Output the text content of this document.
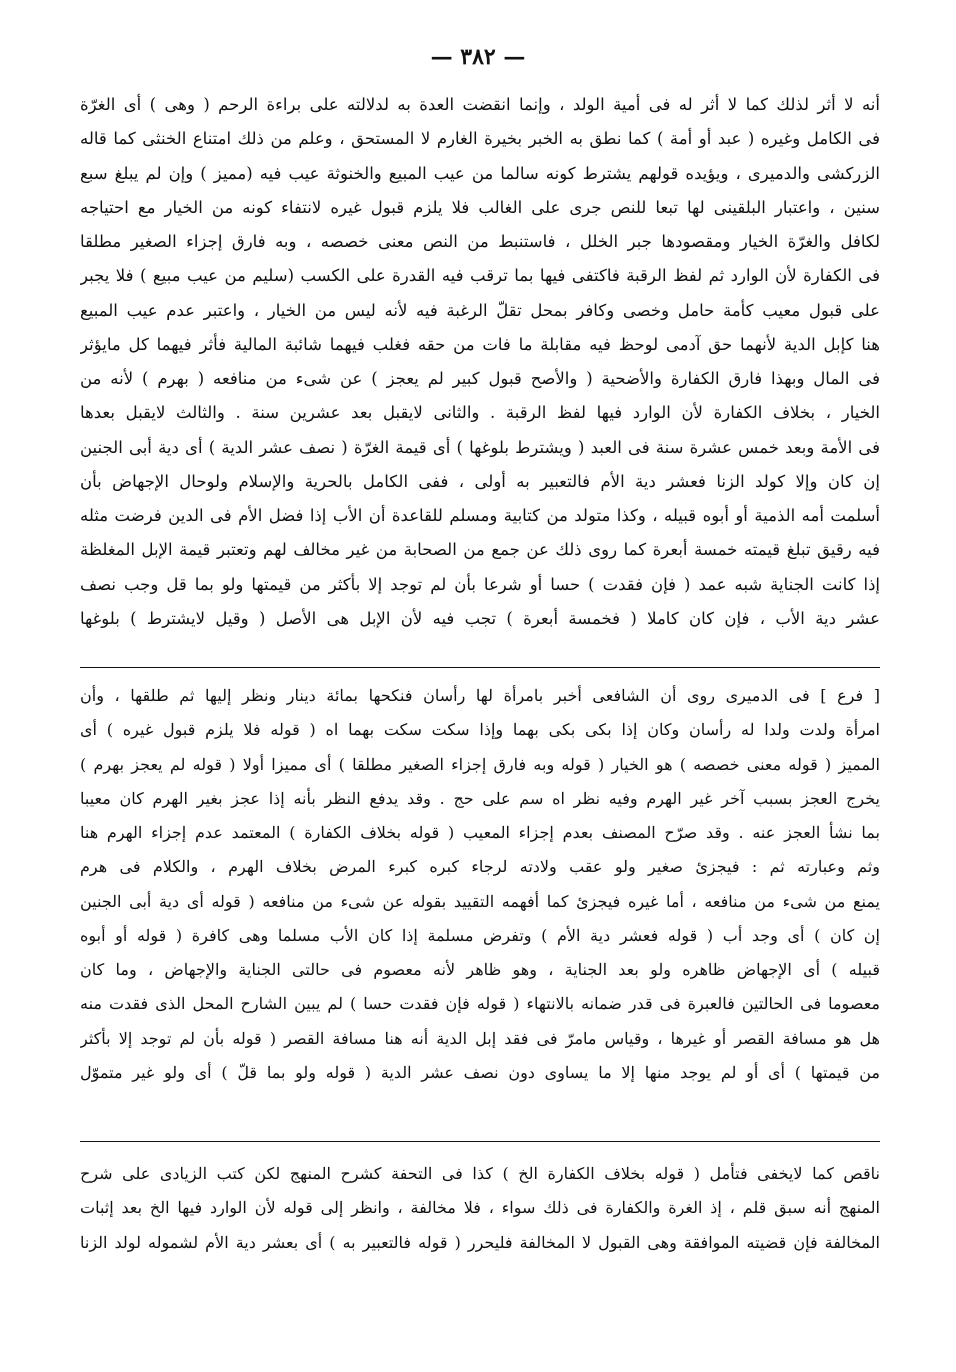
— ٣٨٢ —
أنه لا أثر لذلك كما لا أثر له فى أمية الولد ، وإنما انقضت العدة به لدلالته على براءة الرحم ( وهى ) أى الغرّة
فى الكامل وغيره ( عبد أو أمة ) كما نطق به الخبر بخيرة الغارم لا المستحق ، وعلم من ذلك امتناع الخنثى كما قاله
الزركشى والدميرى ، ويؤيده قولهم يشترط كونه سالما من عيب المبيع والخنوثة عيب فيه (مميز ) وإن لم يبلغ سبع
سنين ، واعتبار البلقينى لها تبعا للنص جرى على الغالب فلا يلزم قبول غيره لانتفاء كونه من الخيار مع احتياجه
لكافل والغرّة الخيار ومقصودها جبر الخلل ، فاستنبط من النص معنى خصصه ، وبه فارق إجزاء الصغير مطلقا
فى الكفارة لأن الوارد ثم لفظ الرقبة فاكتفى فيها بما ترقب فيه القدرة على الكسب (سليم من عيب مبيع ) فلا يجبر
على قبول معيب كأمة حامل وخصى وكافر بمحل تقلّ الرغبة فيه لأنه ليس من الخيار ، واعتبر عدم عيب المبيع
هنا كإبل الدية لأنهما حق آدمى لوحظ فيه مقابلة ما فات من حقه فغلب فيهما شائبة المالية فأثر فيهما كل مايؤثر
فى المال وبهذا فارق الكفارة والأضحية ( والأصح قبول كبير لم يعجز ) عن شىء من منافعه ( بهرم ) لأنه من
الخيار ، بخلاف الكفارة لأن الوارد فيها لفظ الرقبة . والثانى لايقبل بعد عشرين سنة . والثالث لايقبل بعدها
فى الأمة وبعد خمس عشرة سنة فى العبد ( ويشترط بلوغها ) أى قيمة الغرّة ( نصف عشر الدية ) أى دية أبى الجنين
إن كان وإلا كولد الزنا فعشر دية الأم فالتعبير به أولى ، ففى الكامل بالحرية والإسلام ولوحال الإجهاض بأن
أسلمت أمه الذمية أو أبوه قبيله ، وكذا متولد من كتابية ومسلم للقاعدة أن الأب إذا فضل الأم فى الدين فرضت مثله
فيه رقيق تبلغ قيمته خمسة أبعرة كما روى ذلك عن جمع من الصحابة من غير مخالف لهم وتعتبر قيمة الإبل المغلظة
إذا كانت الجناية شبه عمد ( فإن فقدت ) حسا أو شرعا بأن لم توجد إلا بأكثر من قيمتها ولو بما قل وجب نصف
عشر دية الأب ، فإن كان كاملا ( فخمسة أبعرة ) تجب فيه لأن الإبل هى الأصل ( وقيل لايشترط ) بلوغها
[ فرع ] فى الدميرى روى أن الشافعى أخبر بامرأة لها رأسان فنكحها بمائة دينار ونظر إليها ثم طلقها ، وأن
امرأة ولدت ولدا له رأسان وكان إذا بكى بكى بهما وإذا سكت سكت بهما اه ( قوله فلا يلزم قبول غيره ) أى
المميز ( قوله معنى خصصه ) هو الخيار ( قوله وبه فارق إجزاء الصغير مطلقا ) أى مميزا أولا ( قوله لم يعجز بهرم )
يخرج العجز بسبب آخر غير الهرم وفيه نظر اه سم على حج . وقد يدفع النظر بأنه إذا عجز بغير الهرم كان معيبا
بما نشأ العجز عنه . وقد صرّح المصنف بعدم إجزاء المعيب ( قوله بخلاف الكفارة ) المعتمد عدم إجزاء الهرم هنا
وثم وعبارته ثم : فيجزئ صغير ولو عقب ولادته لرجاء كبره كبرء المرض بخلاف الهرم ، والكلام فى هرم
يمنع من شىء من منافعه ، أما غيره فيجزئ كما أفهمه التقييد بقوله عن شىء من منافعه ( قوله أى دية أبى الجنين
إن كان ) أى وجد أب ( قوله فعشر دية الأم ) وتفرض مسلمة إذا كان الأب مسلما وهى كافرة ( قوله أو أبوه
قبيله ) أى الإجهاض ظاهره ولو بعد الجناية ، وهو ظاهر لأنه معصوم فى حالتى الجناية والإجهاض ، وما كان
معصوما فى الحالتين فالعبرة فى قدر ضمانه بالانتهاء ( قوله فإن فقدت حسا ) لم يبين الشارح المحل الذى فقدت منه
هل هو مسافة القصر أو غيرها ، وقياس مامرّ فى فقد إبل الدية أنه هنا مسافة القصر ( قوله بأن لم توجد إلا بأكثر
من قيمتها ) أى أو لم يوجد منها إلا ما يساوى دون نصف عشر الدية ( قوله ولو بما قلّ ) أى ولو غير متموّل
ناقص كما لايخفى فتأمل ( قوله بخلاف الكفارة الخ ) كذا فى التحفة كشرح المنهج لكن كتب الزيادى على شرح
المنهج أنه سبق قلم ، إذ الغرة والكفارة فى ذلك سواء ، فلا مخالفة ، وانظر إلى قوله لأن الوارد فيها الخ بعد إثبات
المخالفة فإن قضيته الموافقة وهى القبول لا المخالفة فليحرر ( قوله فالتعبير به ) أى بعشر دية الأم لشموله لولد الزنا
